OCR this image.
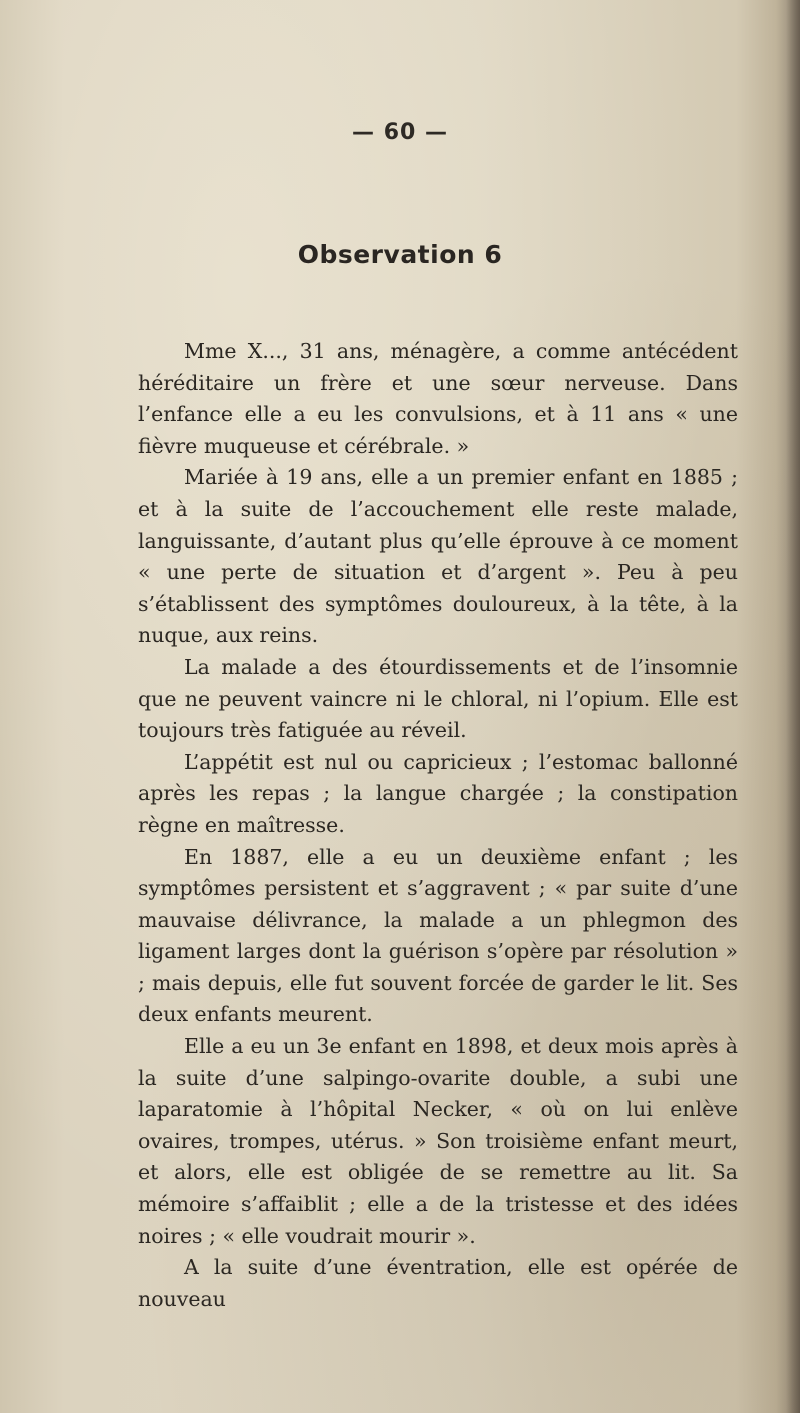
— 60 —
Observation 6

Mme X..., 31 ans, ménagère, a comme antécédent héréditaire un frère et une sœur nerveuse. Dans l’enfance elle a eu les convulsions, et à 11 ans « une fièvre muqueuse et cérébrale. »

Mariée à 19 ans, elle a un premier enfant en 1885 ; et à la suite de l’accouchement elle reste malade, languissante, d’autant plus qu’elle éprouve à ce moment « une perte de situation et d’argent ». Peu à peu s’établissent des symptômes douloureux, à la tête, à la nuque, aux reins.

La malade a des étourdissements et de l’insomnie que ne peuvent vaincre ni le chloral, ni l’opium. Elle est toujours très fatiguée au réveil.

L’appétit est nul ou capricieux ; l’estomac ballonné après les repas ; la langue chargée ; la constipation règne en maîtresse.

En 1887, elle a eu un deuxième enfant ; les symptômes persistent et s’aggravent ; « par suite d’une mauvaise délivrance, la malade a un phlegmon des ligament larges dont la guérison s’opère par résolution » ; mais depuis, elle fut souvent forcée de garder le lit. Ses deux enfants meurent.

Elle a eu un 3e enfant en 1898, et deux mois après à la suite d’une salpingo-ovarite double, a subi une laparatomie à l’hôpital Necker, « où on lui enlève ovaires, trompes, utérus. » Son troisième enfant meurt, et alors, elle est obligée de se remettre au lit. Sa mémoire s’affaiblit ; elle a de la tristesse et des idées noires ; « elle voudrait mourir ».

A la suite d’une éventration, elle est opérée de nouveau
